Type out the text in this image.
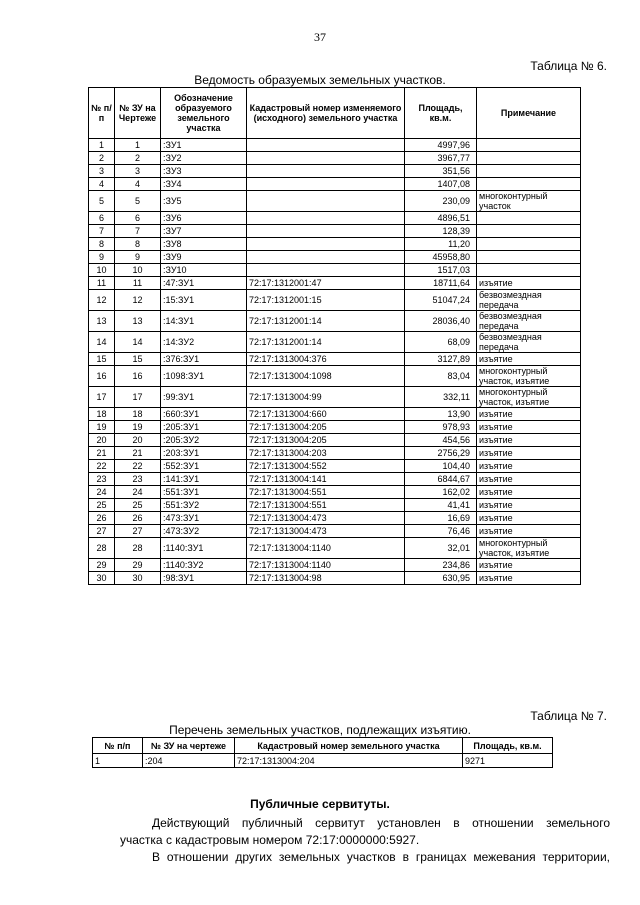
37
Таблица № 6.
Ведомость образуемых земельных участков.
№ п/п	№ ЗУ на Чертеже	Обозначение образуемого земельного участка	Кадастровый номер изменяемого (исходного) земельного участка	Площадь, кв.м.	Примечание
1	1	:ЗУ1		4997,96	
2	2	:ЗУ2		3967,77	
3	3	:ЗУ3		351,56	
4	4	:ЗУ4		1407,08	
5	5	:ЗУ5		230,09	многоконтурный участок
6	6	:ЗУ6		4896,51	
7	7	:ЗУ7		128,39	
8	8	:ЗУ8		11,20	
9	9	:ЗУ9		45958,80	
10	10	:ЗУ10		1517,03	
11	11	:47:ЗУ1	72:17:1312001:47	18711,64	изъятие
12	12	:15:ЗУ1	72:17:1312001:15	51047,24	безвозмездная передача
13	13	:14:ЗУ1	72:17:1312001:14	28036,40	безвозмездная передача
14	14	:14:ЗУ2	72:17:1312001:14	68,09	безвозмездная передача
15	15	:376:ЗУ1	72:17:1313004:376	3127,89	изъятие
16	16	:1098:ЗУ1	72:17:1313004:1098	83,04	многоконтурный участок, изъятие
17	17	:99:ЗУ1	72:17:1313004:99	332,11	многоконтурный участок, изъятие
18	18	:660:ЗУ1	72:17:1313004:660	13,90	изъятие
19	19	:205:ЗУ1	72:17:1313004:205	978,93	изъятие
20	20	:205:ЗУ2	72:17:1313004:205	454,56	изъятие
21	21	:203:ЗУ1	72:17:1313004:203	2756,29	изъятие
22	22	:552:ЗУ1	72:17:1313004:552	104,40	изъятие
23	23	:141:ЗУ1	72:17:1313004:141	6844,67	изъятие
24	24	:551:ЗУ1	72:17:1313004:551	162,02	изъятие
25	25	:551:ЗУ2	72:17:1313004:551	41,41	изъятие
26	26	:473:ЗУ1	72:17:1313004:473	16,69	изъятие
27	27	:473:ЗУ2	72:17:1313004:473	76,46	изъятие
28	28	:1140:ЗУ1	72:17:1313004:1140	32,01	многоконтурный участок, изъятие
29	29	:1140:ЗУ2	72:17:1313004:1140	234,86	изъятие
30	30	:98:ЗУ1	72:17:1313004:98	630,95	изъятие
Таблица № 7.
Перечень земельных участков, подлежащих изъятию.
№ п/п	№ ЗУ на чертеже	Кадастровый номер земельного участка	Площадь, кв.м.
1	:204	72:17:1313004:204	9271
Публичные сервитуты.
Действующий публичный сервитут установлен в отношении земельного
участка с кадастровым номером 72:17:0000000:5927.
В отношении других земельных участков в границах межевания территории,
